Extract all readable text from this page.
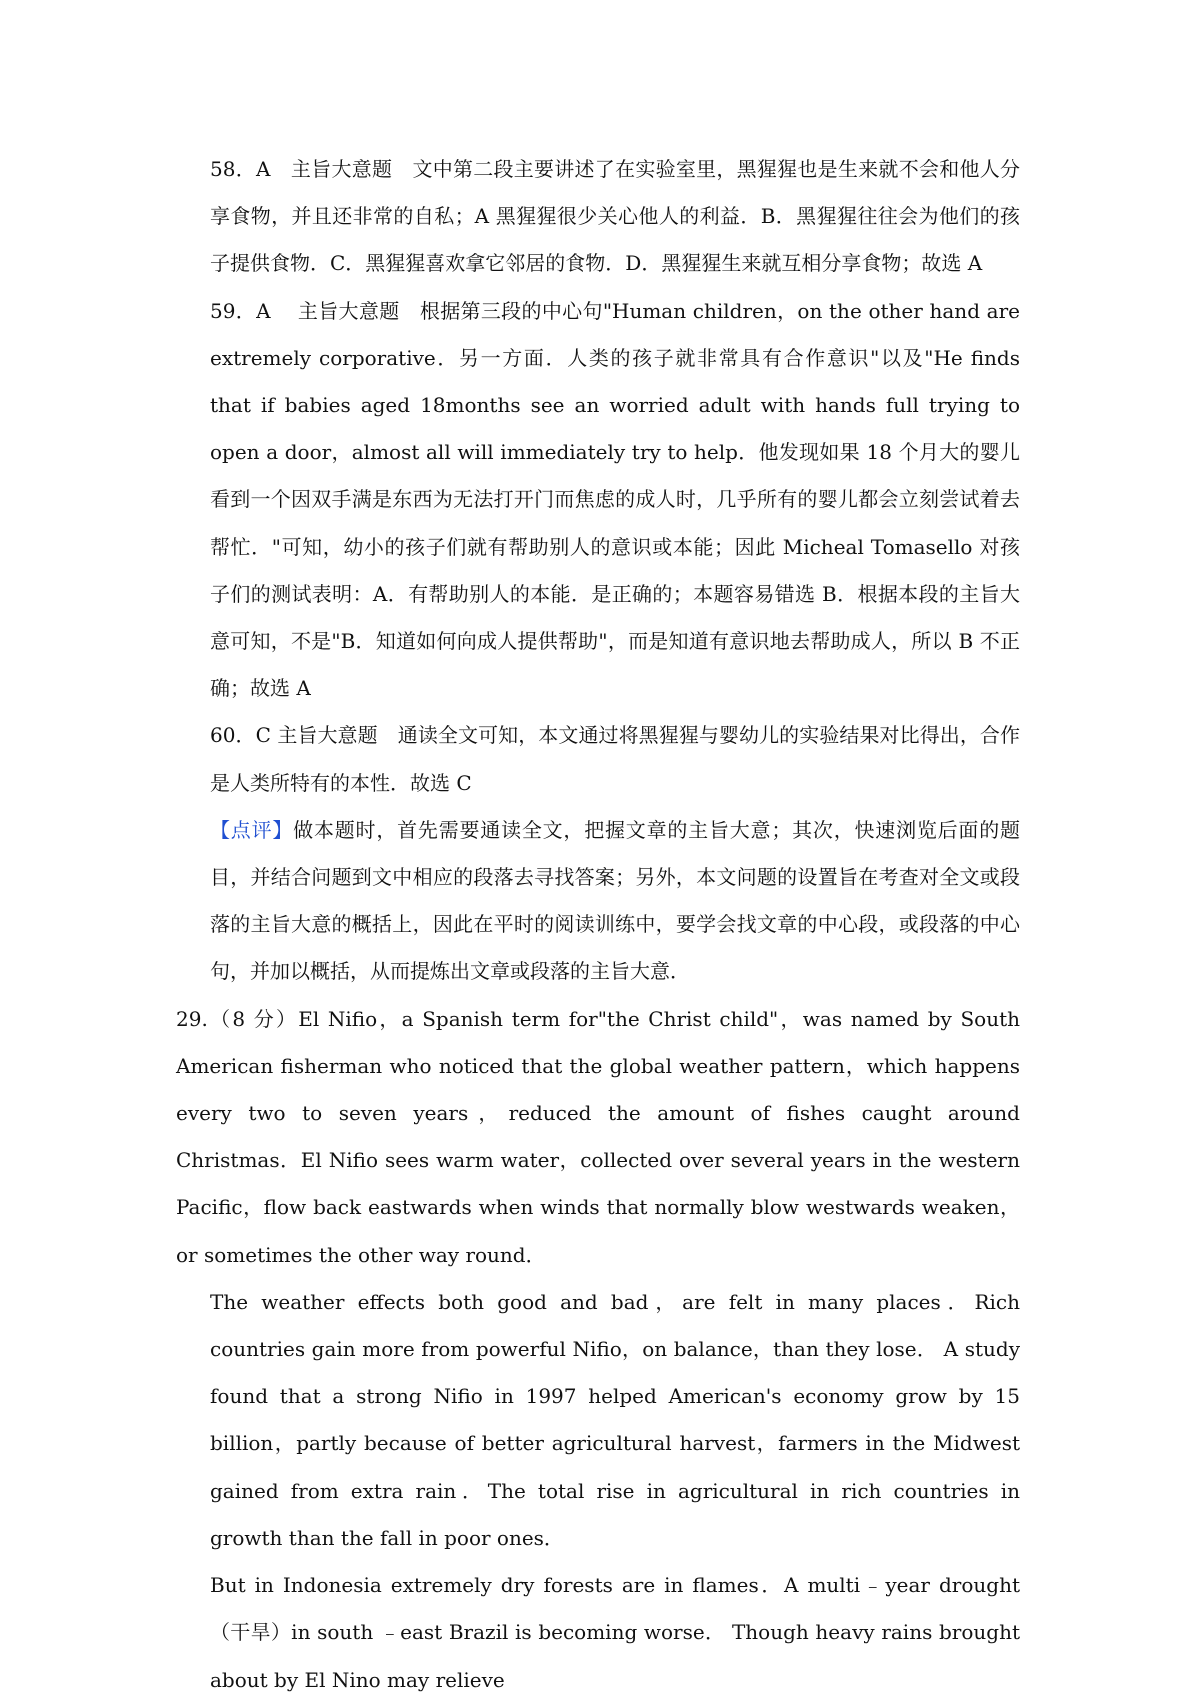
58．A　主旨大意题　文中第二段主要讲述了在实验室里，黑猩猩也是生来就不会和他人分享食物，并且还非常的自私；A 黑猩猩很少关心他人的利益．B．黑猩猩往往会为他们的孩子提供食物．C．黑猩猩喜欢拿它邻居的食物．D．黑猩猩生来就互相分享食物；故选 A

59．A　 主旨大意题　根据第三段的中心句"Human children，on the other hand are extremely corporative．另一方面．人类的孩子就非常具有合作意识"以及"He finds that if babies aged 18months see an worried adult with hands full trying to open a door，almost all will immediately try to help．他发现如果 18 个月大的婴儿看到一个因双手满是东西为无法打开门而焦虑的成人时，几乎所有的婴儿都会立刻尝试着去帮忙．"可知，幼小的孩子们就有帮助别人的意识或本能；因此 Micheal Tomasello 对孩子们的测试表明：A．有帮助别人的本能．是正确的；本题容易错选 B．根据本段的主旨大意可知，不是"B．知道如何向成人提供帮助"，而是知道有意识地去帮助成人，所以 B 不正确；故选 A

60．C 主旨大意题　通读全文可知，本文通过将黑猩猩与婴幼儿的实验结果对比得出，合作是人类所特有的本性．故选 C

【点评】做本题时，首先需要通读全文，把握文章的主旨大意；其次，快速浏览后面的题目，并结合问题到文中相应的段落去寻找答案；另外，本文问题的设置旨在考查对全文或段落的主旨大意的概括上，因此在平时的阅读训练中，要学会找文章的中心段，或段落的中心句，并加以概括，从而提炼出文章或段落的主旨大意．

29.（8 分）El Nifio，a Spanish term for"the Christ child"，was named by South American fisherman who noticed that the global weather pattern，which happens every two to seven years，reduced the amount of fishes caught around Christmas．El Nifio sees warm water，collected over several years in the western Pacific，flow back eastwards when winds that normally blow westwards weaken，or sometimes the other way round．

The weather effects both good and bad，are felt in many places．Rich countries gain more from powerful Nifio，on balance，than they lose． A study found that a strong Nifio in 1997 helped American's economy grow by 15 billion，partly because of better agricultural harvest，farmers in the Midwest gained from extra rain．The total rise in agricultural in rich countries in growth than the fall in poor ones．

But in Indonesia extremely dry forests are in flames．A multi﹣year drought （干旱）in south ﹣east Brazil is becoming worse． Though heavy rains brought about by El Nino may relieve
